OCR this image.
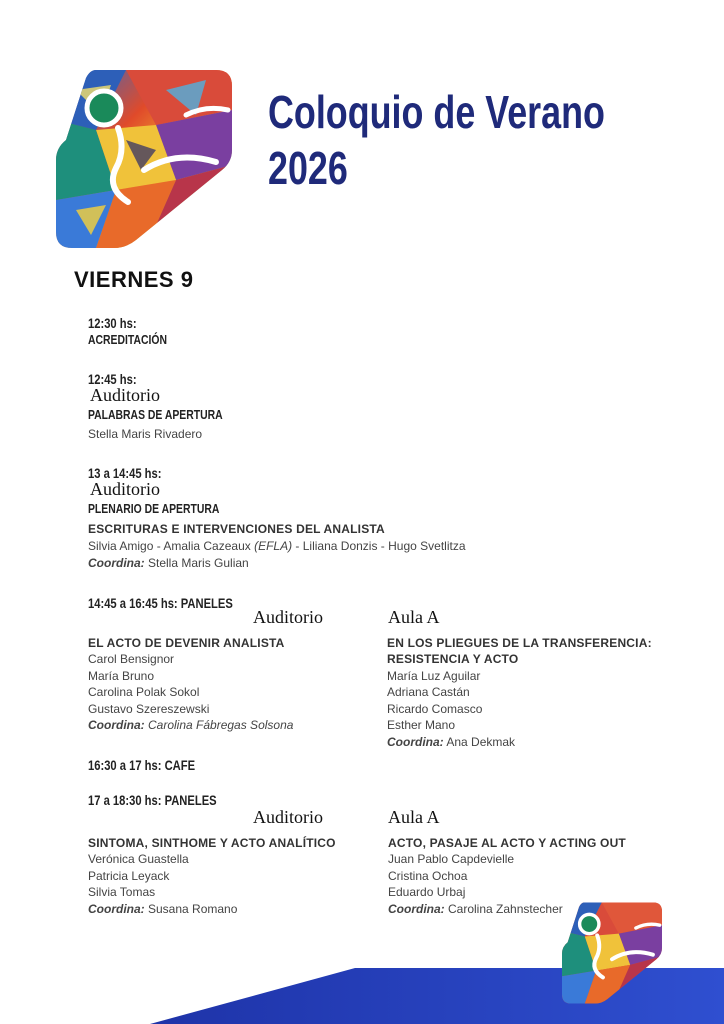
Coloquio de Verano
2026
VIERNES 9
12:30 hs:
ACREDITACIÓN
12:45 hs:
Auditorio
PALABRAS DE APERTURA
Stella Maris Rivadero
13 a 14:45 hs:
Auditorio
PLENARIO DE APERTURA
ESCRITURAS E INTERVENCIONES DEL ANALISTA
Silvia Amigo - Amalia Cazeaux (EFLA) - Liliana Donzis - Hugo Svetlitza
Coordina: Stella Maris Gulian
14:45 a 16:45 hs: PANELES
Auditorio	Aula A
EL ACTO DE DEVENIR ANALISTA
Carol Bensignor
María Bruno
Carolina Polak Sokol
Gustavo Szereszewski
Coordina: Carolina Fábregas Solsona
EN LOS PLIEGUES DE LA TRANSFERENCIA:
RESISTENCIA Y ACTO
María Luz Aguilar
Adriana Castán
Ricardo Comasco
Esther Mano
Coordina: Ana Dekmak
16:30 a 17 hs: CAFE
17 a 18:30 hs: PANELES
Auditorio	Aula A
SINTOMA, SINTHOME Y ACTO ANALÍTICO
Verónica Guastella
Patricia Leyack
Silvia Tomas
Coordina: Susana Romano
ACTO, PASAJE AL ACTO Y ACTING OUT
Juan Pablo Capdevielle
Cristina Ochoa
Eduardo Urbaj
Coordina: Carolina Zahnstecher
